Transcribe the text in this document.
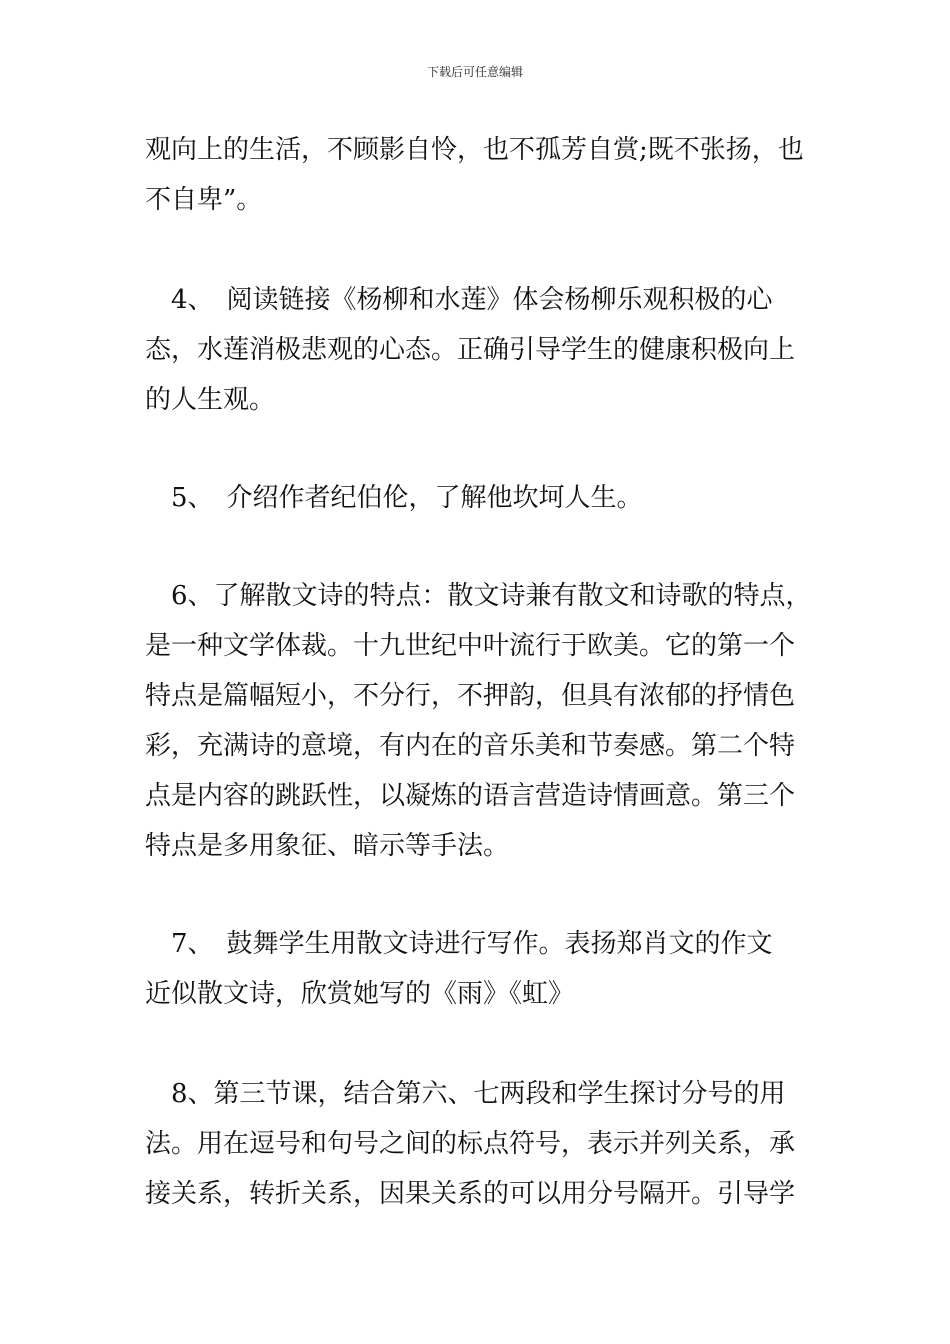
下载后可任意编辑
观向上的生活，不顾影自怜，也不孤芳自赏;既不张扬，也
不自卑”。
　4、　阅读链接《杨柳和水莲》体会杨柳乐观积极的心
态，水莲消极悲观的心态。正确引导学生的健康积极向上
的人生观。
　5、　介绍作者纪伯伦，了解他坎坷人生。
　6、了解散文诗的特点：散文诗兼有散文和诗歌的特点，
是一种文学体裁。十九世纪中叶流行于欧美。它的第一个
特点是篇幅短小，不分行，不押韵，但具有浓郁的抒情色
彩，充满诗的意境，有内在的音乐美和节奏感。第二个特
点是内容的跳跃性，以凝炼的语言营造诗情画意。第三个
特点是多用象征、暗示等手法。
　7、　鼓舞学生用散文诗进行写作。表扬郑肖文的作文
近似散文诗，欣赏她写的《雨》《虹》
　8、第三节课，结合第六、七两段和学生探讨分号的用
法。用在逗号和句号之间的标点符号，表示并列关系，承
接关系，转折关系，因果关系的可以用分号隔开。引导学
